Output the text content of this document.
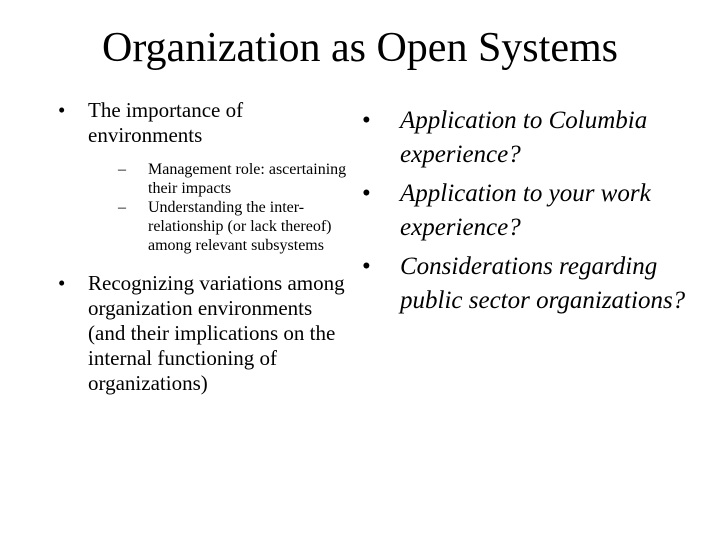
Organization as Open Systems
•	The importance of environments
– Management role: ascertaining their impacts
– Understanding the inter-relationship (or lack thereof) among relevant subsystems
•	Recognizing variations among organization environments (and their implications on the internal functioning of organizations)
•	Application to Columbia experience?
•	Application to your work experience?
•	Considerations regarding public sector organizations?
